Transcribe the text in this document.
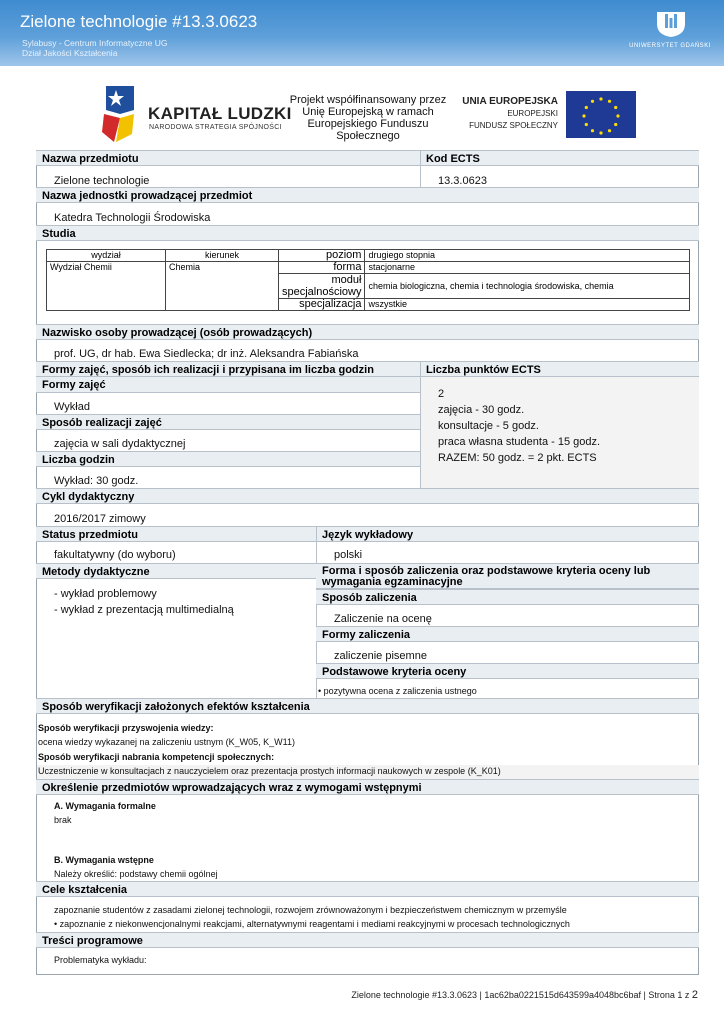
Zielone technologie #13.3.0623
Sylabusy - Centrum Informatyczne UG
Dział Jakości Kształcenia
UNIWERSYTET GDAŃSKI
KAPITAŁ LUDZKI
NARODOWA STRATEGIA SPÓJNOŚCI
Projekt współfinansowany przez Unię Europejską w ramach Europejskiego Funduszu Społecznego
UNIA EUROPEJSKA
EUROPEJSKI
FUNDUSZ SPOŁECZNY
Nazwa przedmiotu	Kod ECTS
Zielone technologie	13.3.0623
Nazwa jednostki prowadzącej przedmiot
Katedra Technologii Środowiska
Studia
wydział	kierunek	poziom	drugiego stopnia
Wydział Chemii	Chemia	forma	stacjonarne
		moduł specjalnościowy	chemia biologiczna, chemia i technologia środowiska, chemia
		specjalizacja	wszystkie
Nazwisko osoby prowadzącej (osób prowadzących)
prof. UG, dr hab. Ewa Siedlecka; dr inż. Aleksandra Fabiańska
Formy zajęć, sposób ich realizacji i przypisana im liczba godzin	Liczba punktów ECTS
2
zajęcia - 30 godz.
konsultacje - 5 godz.
praca własna studenta - 15 godz.
RAZEM: 50 godz. = 2 pkt. ECTS
Formy zajęć
Wykład
Sposób realizacji zajęć
zajęcia w sali dydaktycznej
Liczba godzin
Wykład: 30 godz.
Cykl dydaktyczny
2016/2017 zimowy
Status przedmiotu	Język wykładowy
fakultatywny (do wyboru)	polski
Metody dydaktyczne
- wykład problemowy
- wykład z prezentacją multimedialną
Forma i sposób zaliczenia oraz podstawowe kryteria oceny lub wymagania egzaminacyjne
Sposób zaliczenia
Zaliczenie na ocenę
Formy zaliczenia
zaliczenie pisemne
Podstawowe kryteria oceny
• pozytywna ocena z zaliczenia ustnego
Sposób weryfikacji założonych efektów kształcenia
Sposób weryfikacji przyswojenia wiedzy:
ocena wiedzy wykazanej na zaliczeniu ustnym (K_W05, K_W11)
Sposób weryfikacji nabrania kompetencji społecznych:
Uczestniczenie w konsultacjach z nauczycielem oraz prezentacja prostych informacji naukowych w zespole (K_K01)
Określenie przedmiotów wprowadzających wraz z wymogami wstępnymi
A. Wymagania formalne
brak
B. Wymagania wstępne
Należy określić: podstawy chemii ogólnej
Cele kształcenia
zapoznanie studentów z zasadami zielonej technologii, rozwojem zrównoważonym i bezpieczeństwem chemicznym w przemyśle
• zapoznanie z niekonwencjonalnymi reakcjami, alternatywnymi reagentami i mediami reakcyjnymi w procesach technologicznych
Treści programowe
Problematyka wykładu:
Zielone technologie #13.3.0623 | 1ac62ba0221515d643599a4048bc6baf | Strona 1 z 2
